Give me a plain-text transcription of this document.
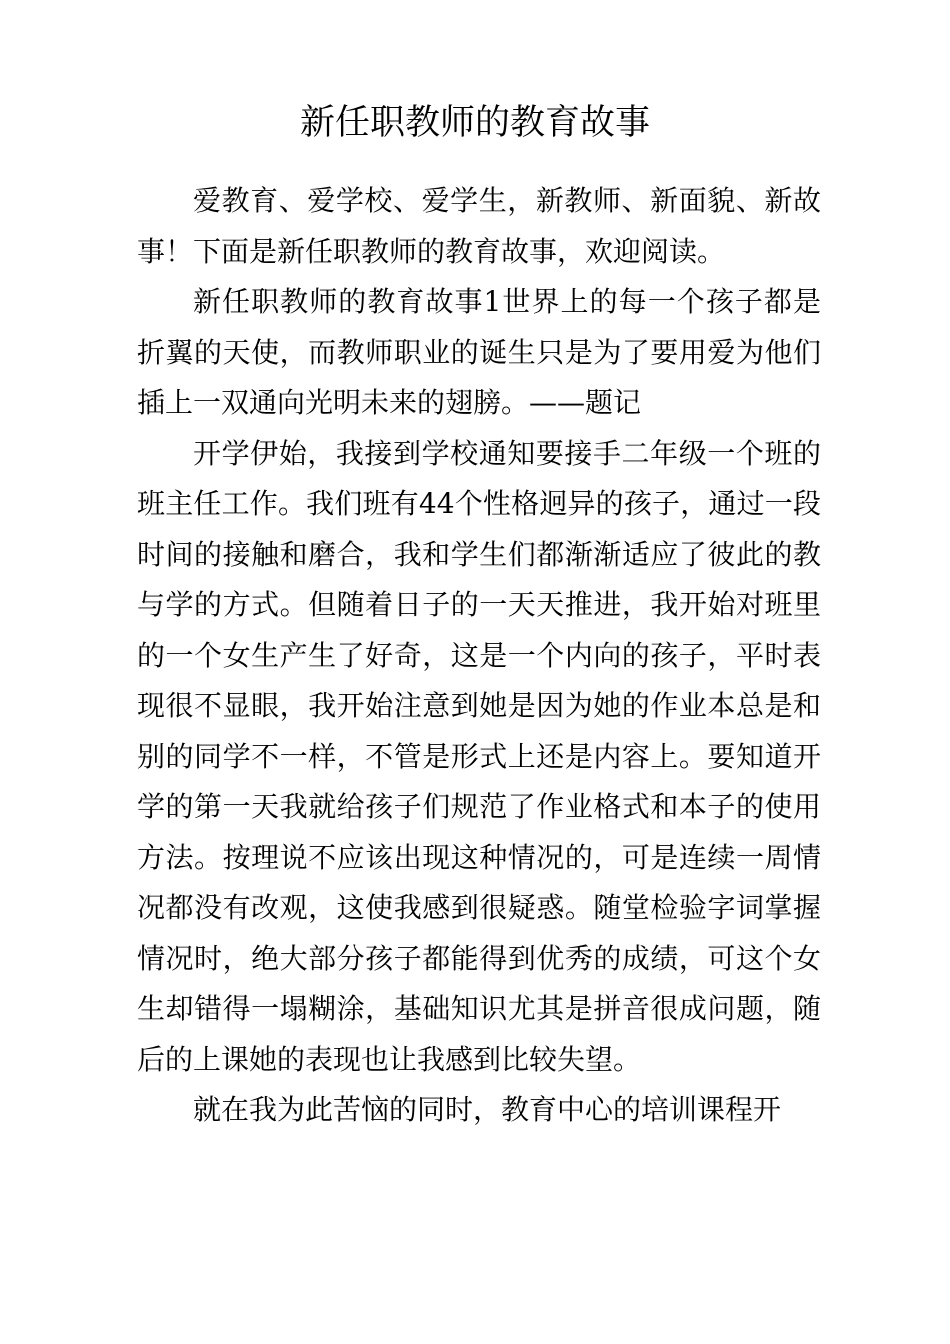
新任职教师的教育故事

爱教育、爱学校、爱学生，新教师、新面貌、新故事！下面是新任职教师的教育故事，欢迎阅读。

新任职教师的教育故事1世界上的每一个孩子都是折翼的天使，而教师职业的诞生只是为了要用爱为他们插上一双通向光明未来的翅膀。——题记

开学伊始，我接到学校通知要接手二年级一个班的班主任工作。我们班有44个性格迥异的孩子，通过一段时间的接触和磨合，我和学生们都渐渐适应了彼此的教与学的方式。但随着日子的一天天推进，我开始对班里的一个女生产生了好奇，这是一个内向的孩子，平时表现很不显眼，我开始注意到她是因为她的作业本总是和别的同学不一样，不管是形式上还是内容上。要知道开学的第一天我就给孩子们规范了作业格式和本子的使用方法。按理说不应该出现这种情况的，可是连续一周情况都没有改观，这使我感到很疑惑。随堂检验字词掌握情况时，绝大部分孩子都能得到优秀的成绩，可这个女生却错得一塌糊涂，基础知识尤其是拼音很成问题，随后的上课她的表现也让我感到比较失望。

就在我为此苦恼的同时，教育中心的培训课程开
